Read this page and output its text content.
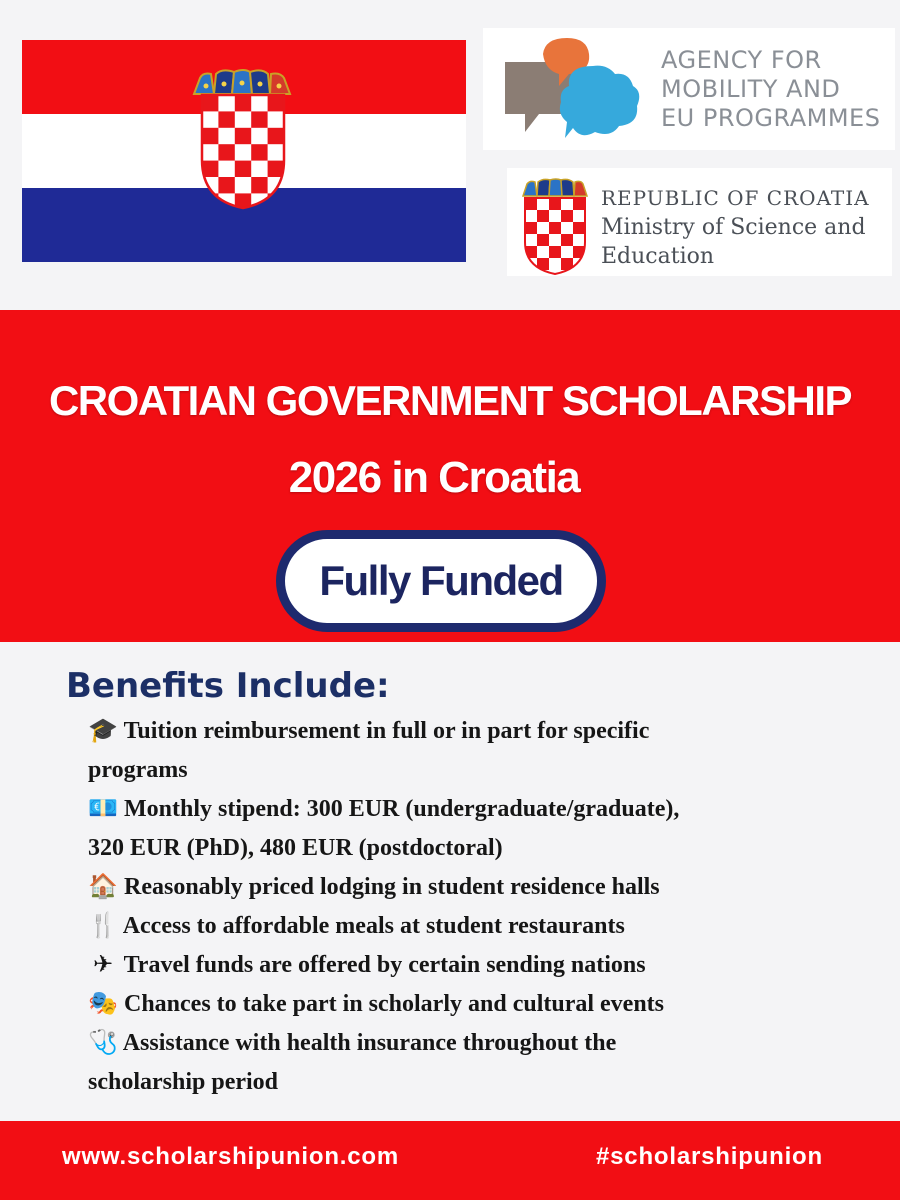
AGENCY FOR
MOBILITY AND
EU PROGRAMMES
REPUBLIC OF CROATIA
Ministry of Science and
Education
CROATIAN GOVERNMENT SCHOLARSHIP
2026 in Croatia
Fully Funded
Benefits Include:
🎓 Tuition reimbursement in full or in part for specific
programs
💶 Monthly stipend: 300 EUR (undergraduate/graduate),
320 EUR (PhD), 480 EUR (postdoctoral)
🏠 Reasonably priced lodging in student residence halls
🍴 Access to affordable meals at student restaurants
✈ Travel funds are offered by certain sending nations
🎭 Chances to take part in scholarly and cultural events
🩺 Assistance with health insurance throughout the
scholarship period
www.scholarshipunion.com	#scholarshipunion
